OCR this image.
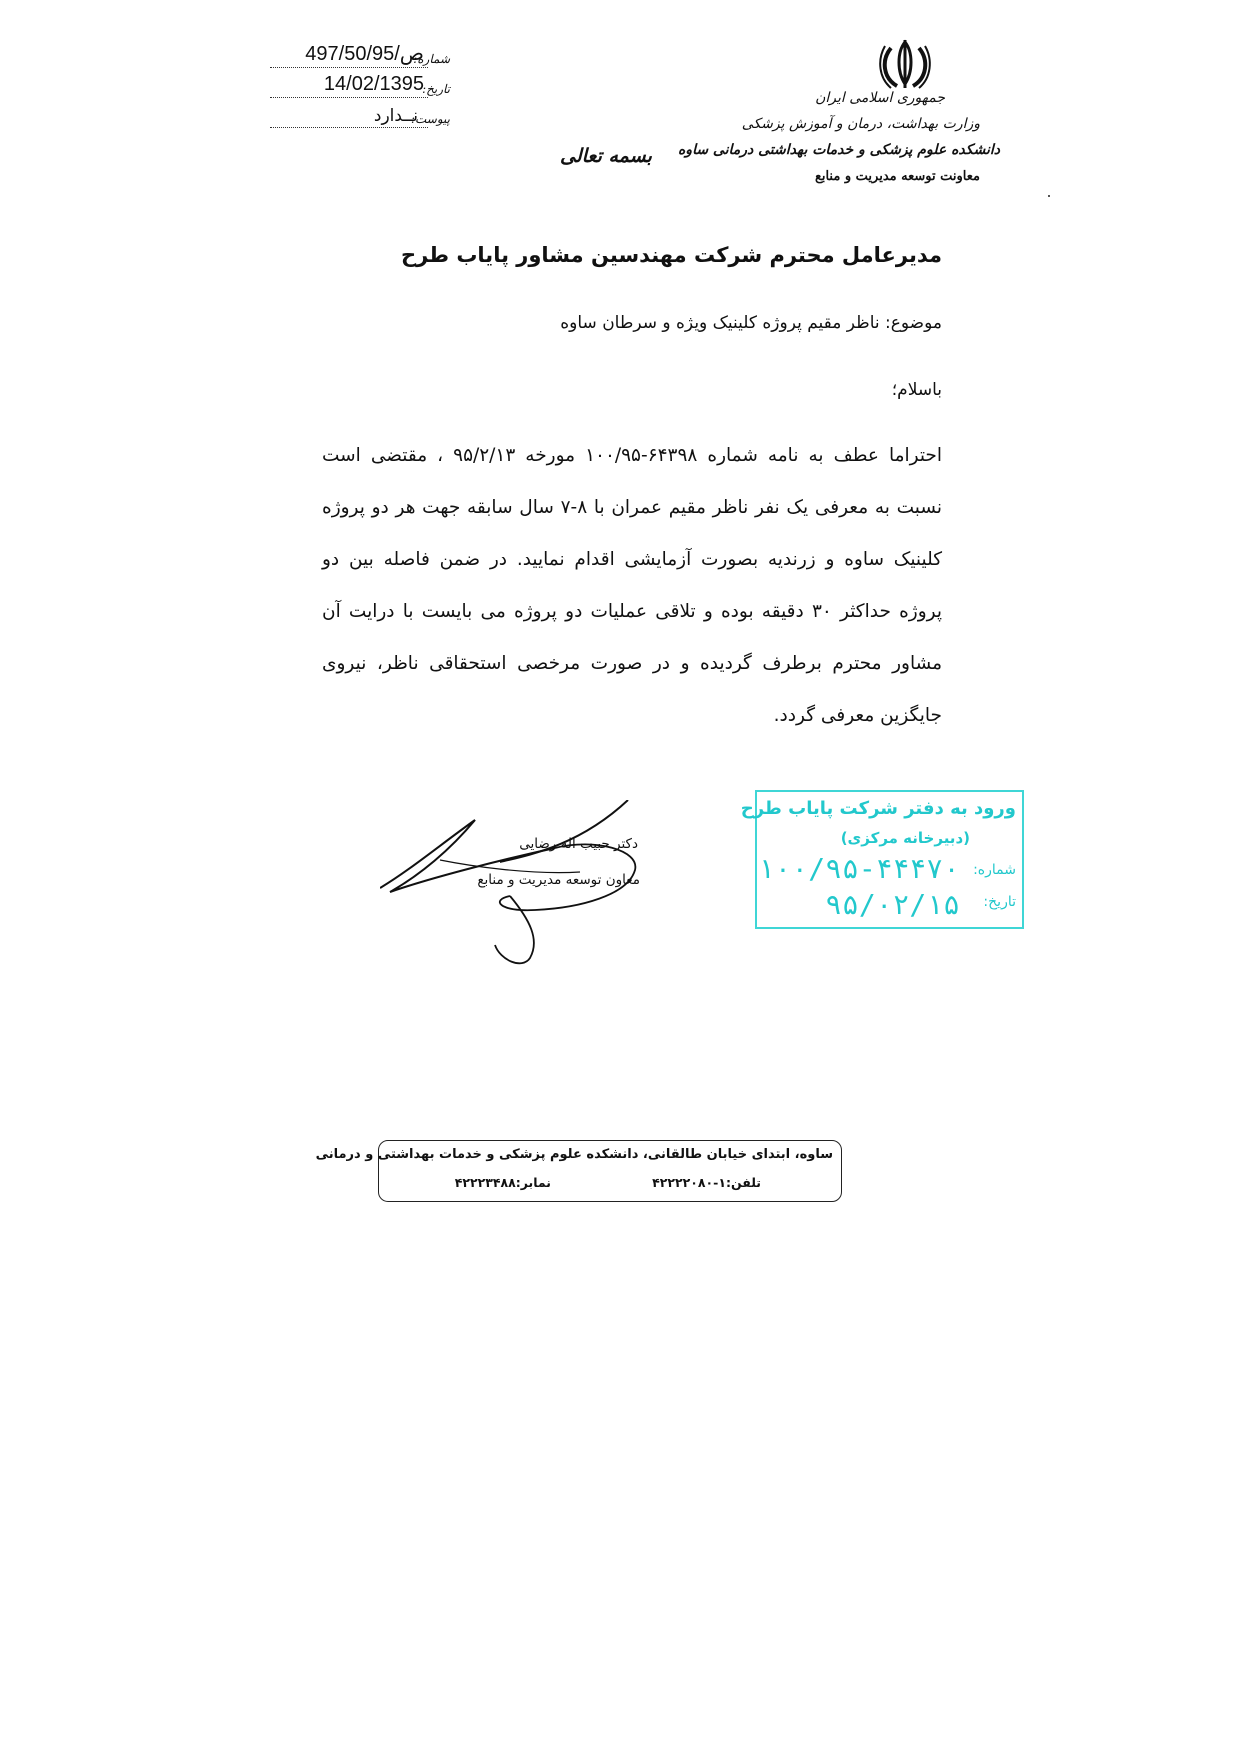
جمهوری اسلامی ایران
وزارت بهداشت، درمان و آموزش پزشکی
دانشکده علوم پزشکی و خدمات بهداشتی درمانی ساوه
معاونت توسعه مدیریت و منابع
بسمه تعالی
شماره:
497/50/ص/95
تاریخ:
14/02/1395
پیوست:
نــدارد
مدیرعامل محترم شرکت مهندسین مشاور پایاب طرح
موضوع: ناظر مقیم پروژه کلینیک ویژه و سرطان ساوه
باسلام؛
احتراما عطف به نامه شماره ۶۴۳۹۸-۱۰۰/۹۵ مورخه ۹۵/۲/۱۳ ، مقتضی است نسبت به معرفی یک نفر ناظر مقیم عمران با ۸-۷ سال سابقه جهت هر دو پروژه کلینیک ساوه و زرندیه بصورت آزمایشی اقدام نمایید. در ضمن فاصله بین دو پروژه حداکثر ۳۰ دقیقه بوده و تلاقی عملیات دو پروژه می بایست با درایت آن مشاور محترم برطرف گردیده و در صورت مرخصی استحقاقی ناظر، نیروی جایگزین معرفی گردد.
دکتر حبیب اله رضایی
معاون توسعه مدیریت و منابع
ورود به دفتر شرکت پایاب طرح
(دبیرخانه مرکزی)
شماره:
۱۰۰/۹۵-۴۴۴۷۰
تاریخ:
۹۵/۰۲/۱۵
ساوه، ابتدای خیابان طالقانی، دانشکده علوم پزشکی و خدمات بهداشتی و درمانی
تلفن:۱-۴۲۲۲۲۰۸۰
نمابر:۴۲۲۲۳۴۸۸
